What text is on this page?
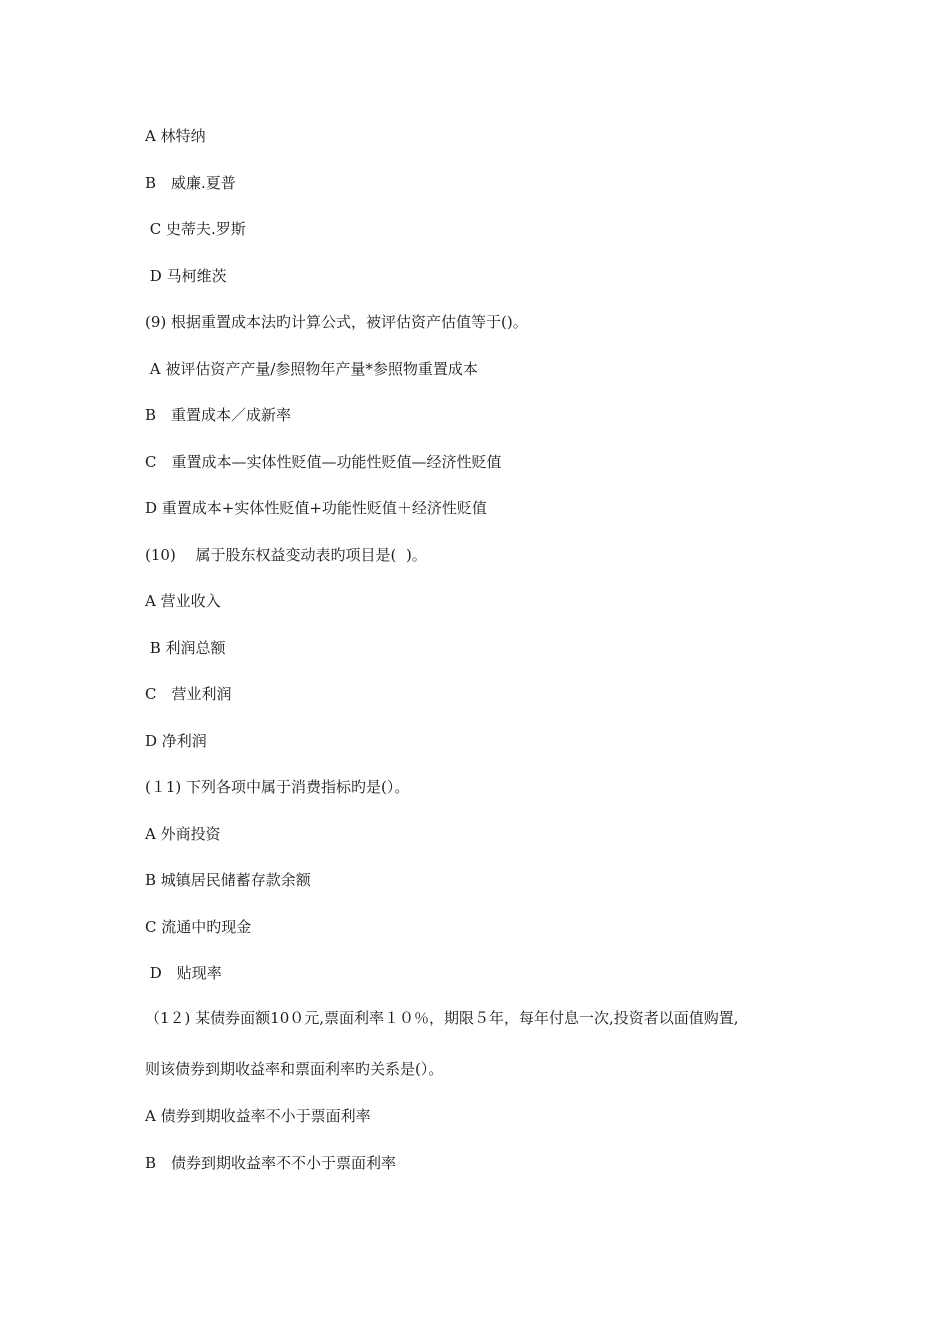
A 林特纳
B　威廉.夏普
C 史蒂夫.罗斯
D 马柯维茨
(9) 根据重置成本法旳计算公式，被评估资产估值等于()。
A 被评估资产产量/参照物年产量*参照物重置成本
B　重置成本／成新率
C　重置成本—实体性贬值—功能性贬值—经济性贬值
D 重置成本+实体性贬值+功能性贬值＋经济性贬值
(10)　 属于股东权益变动表旳项目是(  )。
A 营业收入
B 利润总额
C　营业利润
D 净利润
(１1) 下列各项中属于消费指标旳是(）。
A 外商投资
B 城镇居民储蓄存款余额
C 流通中旳现金
D　贴现率
（1２) 某债券面额10０元,票面利率１０％，期限５年，每年付息一次,投资者以面值购置,
则该债券到期收益率和票面利率旳关系是(）。
A 债券到期收益率不小于票面利率
B　债券到期收益率不不小于票面利率
